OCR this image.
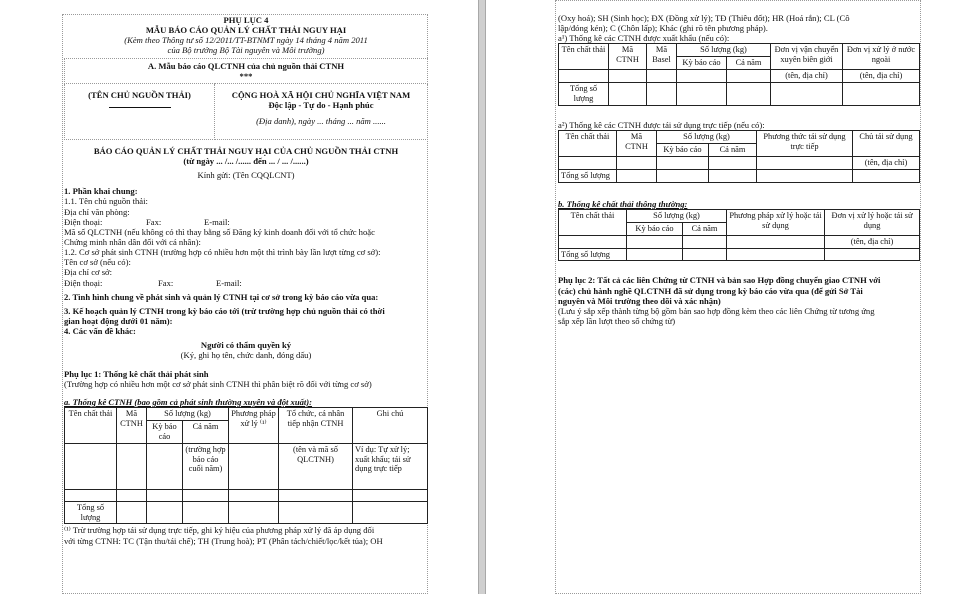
PHỤ LỤC 4
MẪU BÁO CÁO QUẢN LÝ CHẤT THẢI NGUY HẠI
(Kèm theo Thông tư số 12/2011/TT-BTNMT ngày 14 tháng 4 năm 2011
của Bộ trưởng Bộ Tài nguyên và Môi trường)
A. Mẫu báo cáo QLCTNH của chủ nguồn thải CTNH
***

(TÊN CHỦ NGUỒN THẢI)	CỘNG HOÀ XÃ HỘI CHỦ NGHĨA VIỆT NAM
Độc lập - Tự do - Hạnh phúc
(Địa danh), ngày ... tháng ... năm ......
BÁO CÁO QUẢN LÝ CHẤT THẢI NGUY HẠI CỦA CHỦ NGUỒN THẢI CTNH
(từ ngày ... /... /...... đến ... / ... /......)
Kính gửi: (Tên CQQLCNT)
1. Phần khai chung:
1.1. Tên chủ nguồn thải:
Địa chỉ văn phòng:
Điện thoại:	Fax:	E-mail:
Mã số QLCTNH (nếu không có thì thay bằng số Đăng ký kinh doanh đối với tổ chức hoặc
Chứng minh nhân dân đối với cá nhân):
1.2. Cơ sở phát sinh CTNH (trường hợp có nhiều hơn một thì trình bày lần lượt từng cơ sở):
Tên cơ sở (nếu có):
Địa chỉ cơ sở:
Điện thoại:	Fax:	E-mail:
2. Tình hình chung về phát sinh và quản lý CTNH tại cơ sở trong kỳ báo cáo vừa qua:
3. Kế hoạch quản lý CTNH trong kỳ báo cáo tới (trừ trường hợp chủ nguồn thải có thời
gian hoạt động dưới 01 năm):
4. Các vấn đề khác:
Người có thẩm quyền ký
(Ký, ghi họ tên, chức danh, đóng dấu)
Phụ lục 1: Thống kê chất thải phát sinh
(Trường hợp có nhiều hơn một cơ sở phát sinh CTNH thì phân biệt rõ đối với từng cơ sở)
a. Thống kê CTNH (bao gồm cả phát sinh thường xuyên và đột xuất):
Tên chất thải	Mã CTNH	Số lượng (kg)		Phương pháp xử lý ⁽¹⁾	Tổ chức, cá nhân tiếp nhận CTNH	Ghi chú
		Kỳ báo cáo	Cả năm			
			(trường hợp báo cáo cuối năm)		(tên và mã số QLCTNH)	Ví dụ: Tự xử lý; xuất khẩu; tái sử dụng trực tiếp

Tổng số lượng						
⁽¹⁾ Trừ trường hợp tái sử dụng trực tiếp, ghi ký hiệu của phương pháp xử lý đã áp dụng đối
với từng CTNH: TC (Tận thu/tái chế); TH (Trung hoà); PT (Phân tách/chiết/lọc/kết tủa); OH
(Oxy hoá); SH (Sinh học); ĐX (Đồng xử lý); TĐ (Thiêu đốt); HR (Hoá rắn); CL (Cô
lập/đóng kén); C (Chôn lấp); Khác (ghi rõ tên phương pháp).
a¹) Thống kê các CTNH được xuất khẩu (nếu có):
Tên chất thải	Mã CTNH	Mã Basel	Số lượng (kg)		Đơn vị vận chuyển xuyên biên giới	Đơn vị xử lý ở nước ngoài
			Kỳ báo cáo	Cả năm		
					(tên, địa chỉ)	(tên, địa chỉ)
Tổng số lượng						
a²) Thống kê các CTNH được tái sử dụng trực tiếp (nếu có):
Tên chất thải	Mã CTNH	Số lượng (kg)		Phương thức tái sử dụng trực tiếp	Chủ tái sử dụng
		Kỳ báo cáo	Cả năm		
					(tên, địa chỉ)
Tổng số lượng					
b. Thống kê chất thải thông thường:
Tên chất thải	Số lượng (kg)		Phương pháp xử lý hoặc tái sử dụng	Đơn vị xử lý hoặc tái sử dụng
	Kỳ báo cáo	Cả năm		
				(tên, địa chỉ)
Tổng số lượng				
Phụ lục 2: Tất cả các liên Chứng từ CTNH và bản sao Hợp đồng chuyển giao CTNH với
(các) chủ hành nghề QLCTNH đã sử dụng trong kỳ báo cáo vừa qua (để gửi Sở Tài
nguyên và Môi trường theo dõi và xác nhận)
(Lưu ý sắp xếp thành từng bộ gồm bản sao hợp đồng kèm theo các liên Chứng từ tương ứng
sắp xếp lần lượt theo số chứng từ)
